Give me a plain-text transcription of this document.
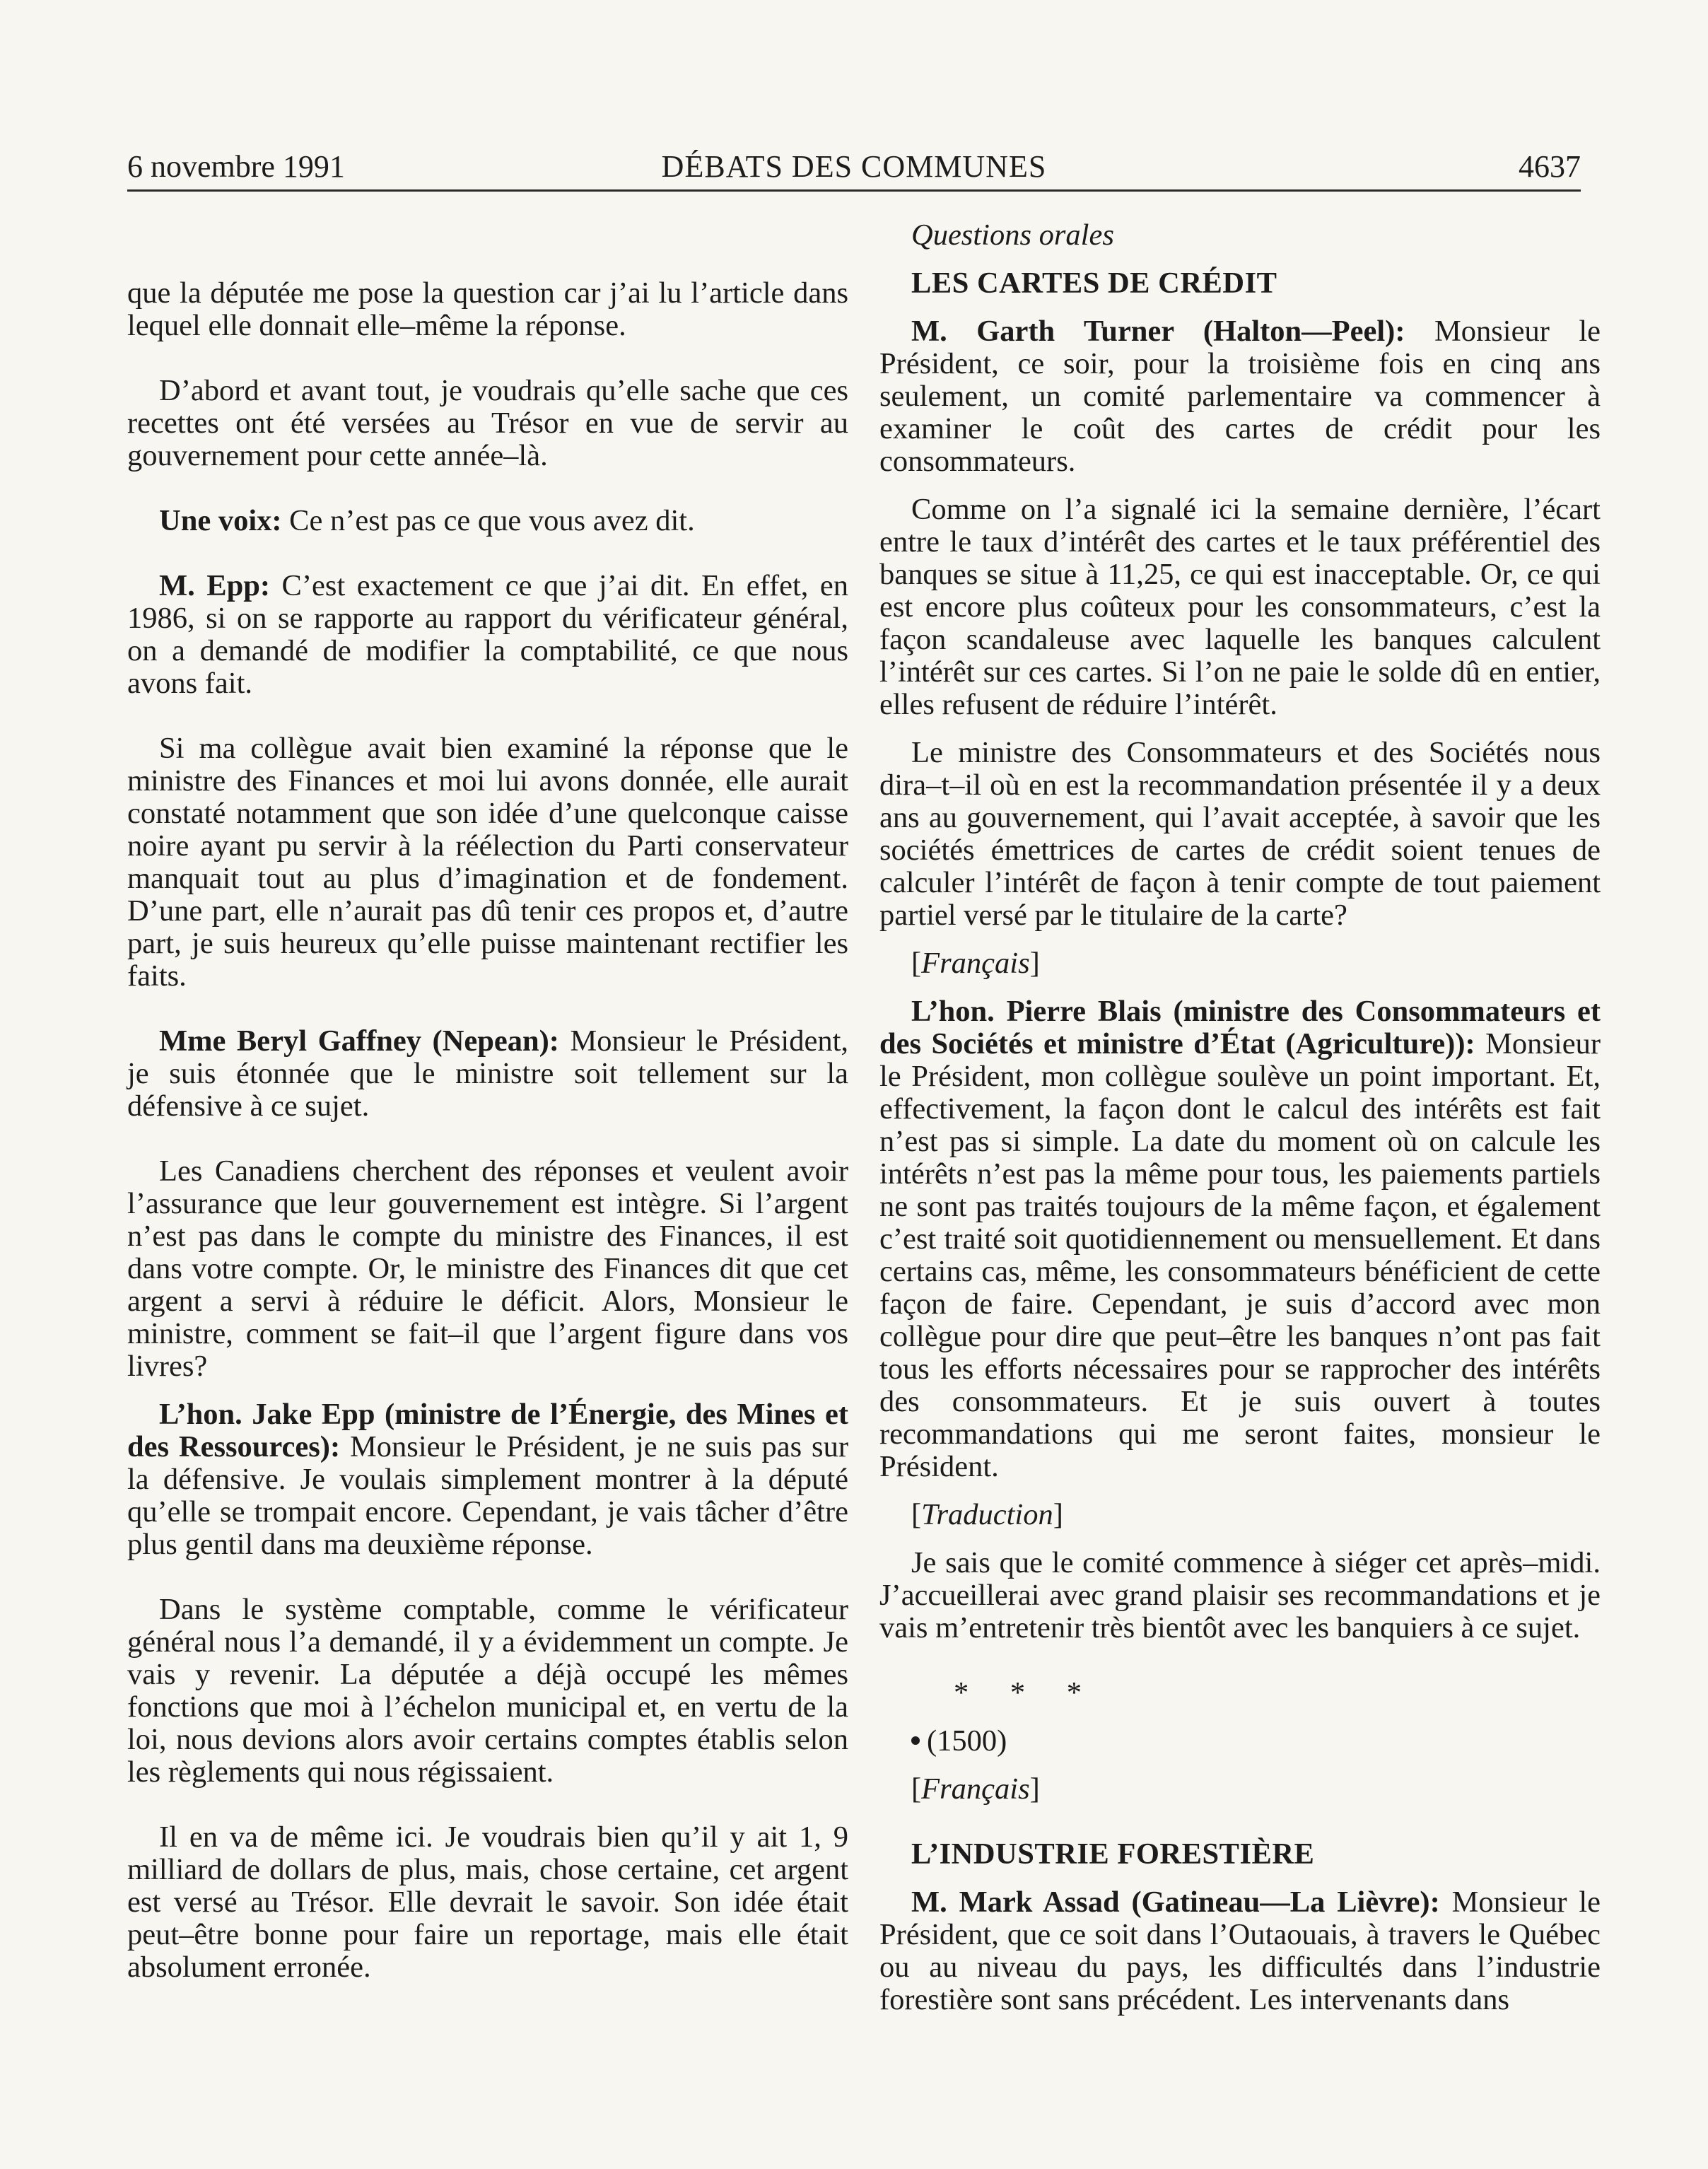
6 novembre 1991	DÉBATS DES COMMUNES	4637

que la députée me pose la question car j’ai lu l’article dans lequel elle donnait elle–même la réponse.

D’abord et avant tout, je voudrais qu’elle sache que ces recettes ont été versées au Trésor en vue de servir au gouvernement pour cette année–là.

Une voix: Ce n’est pas ce que vous avez dit.

M. Epp: C’est exactement ce que j’ai dit. En effet, en 1986, si on se rapporte au rapport du vérificateur général, on a demandé de modifier la comptabilité, ce que nous avons fait.

Si ma collègue avait bien examiné la réponse que le ministre des Finances et moi lui avons donnée, elle aurait constaté notamment que son idée d’une quelconque caisse noire ayant pu servir à la réélection du Parti conservateur manquait tout au plus d’imagination et de fondement. D’une part, elle n’aurait pas dû tenir ces propos et, d’autre part, je suis heureux qu’elle puisse maintenant rectifier les faits.

Mme Beryl Gaffney (Nepean): Monsieur le Président, je suis étonnée que le ministre soit tellement sur la défensive à ce sujet.

Les Canadiens cherchent des réponses et veulent avoir l’assurance que leur gouvernement est intègre. Si l’argent n’est pas dans le compte du ministre des Finances, il est dans votre compte. Or, le ministre des Finances dit que cet argent a servi à réduire le déficit. Alors, Monsieur le ministre, comment se fait–il que l’argent figure dans vos livres?

L’hon. Jake Epp (ministre de l’Énergie, des Mines et des Ressources): Monsieur le Président, je ne suis pas sur la défensive. Je voulais simplement montrer à la député qu’elle se trompait encore. Cependant, je vais tâcher d’être plus gentil dans ma deuxième réponse.

Dans le système comptable, comme le vérificateur général nous l’a demandé, il y a évidemment un compte. Je vais y revenir. La députée a déjà occupé les mêmes fonctions que moi à l’échelon municipal et, en vertu de la loi, nous devions alors avoir certains comptes établis selon les règlements qui nous régissaient.

Il en va de même ici. Je voudrais bien qu’il y ait 1, 9 milliard de dollars de plus, mais, chose certaine, cet argent est versé au Trésor. Elle devrait le savoir. Son idée était peut–être bonne pour faire un reportage, mais elle était absolument erronée.

Questions orales

LES CARTES DE CRÉDIT

M. Garth Turner (Halton—Peel): Monsieur le Président, ce soir, pour la troisième fois en cinq ans seulement, un comité parlementaire va commencer à examiner le coût des cartes de crédit pour les consommateurs.

Comme on l’a signalé ici la semaine dernière, l’écart entre le taux d’intérêt des cartes et le taux préférentiel des banques se situe à 11,25, ce qui est inacceptable. Or, ce qui est encore plus coûteux pour les consommateurs, c’est la façon scandaleuse avec laquelle les banques calculent l’intérêt sur ces cartes. Si l’on ne paie le solde dû en entier, elles refusent de réduire l’intérêt.

Le ministre des Consommateurs et des Sociétés nous dira–t–il où en est la recommandation présentée il y a deux ans au gouvernement, qui l’avait acceptée, à savoir que les sociétés émettrices de cartes de crédit soient tenues de calculer l’intérêt de façon à tenir compte de tout paiement partiel versé par le titulaire de la carte?

[Français]

L’hon. Pierre Blais (ministre des Consommateurs et des Sociétés et ministre d’État (Agriculture)): Monsieur le Président, mon collègue soulève un point important. Et, effectivement, la façon dont le calcul des intérêts est fait n’est pas si simple. La date du moment où on calcule les intérêts n’est pas la même pour tous, les paiements partiels ne sont pas traités toujours de la même façon, et également c’est traité soit quotidiennement ou mensuellement. Et dans certains cas, même, les consommateurs bénéficient de cette façon de faire. Cependant, je suis d’accord avec mon collègue pour dire que peut–être les banques n’ont pas fait tous les efforts nécessaires pour se rapprocher des intérêts des consommateurs. Et je suis ouvert à toutes recommandations qui me seront faites, monsieur le Président.

[Traduction]

Je sais que le comité commence à siéger cet après–midi. J’accueillerai avec grand plaisir ses recommandations et je vais m’entretenir très bientôt avec les banquiers à ce sujet.

* * *

(1500)

[Français]

L’INDUSTRIE FORESTIÈRE

M. Mark Assad (Gatineau—La Lièvre): Monsieur le Président, que ce soit dans l’Outaouais, à travers le Québec ou au niveau du pays, les difficultés dans l’industrie forestière sont sans précédent. Les intervenants dans
